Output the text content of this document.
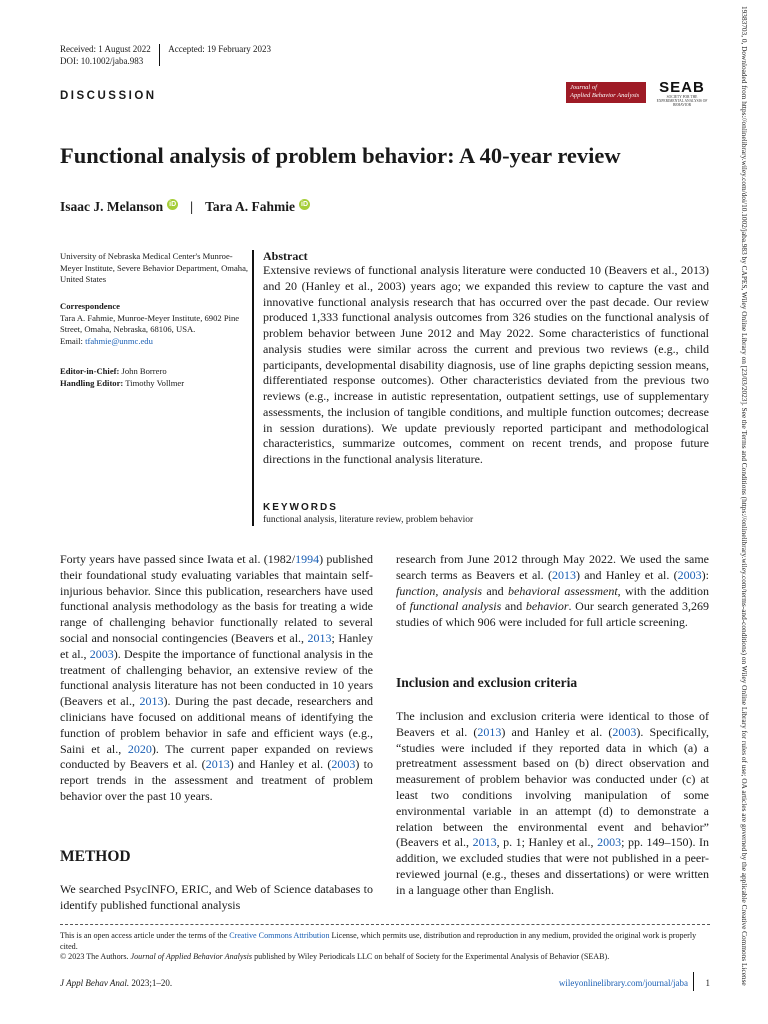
Received: 1 August 2022 Accepted: 19 February 2023
DOI: 10.1002/jaba.983
DISCUSSION
Journal of
Applied Behavior Analysis SEAB
SOCIETY FOR THE EXPERIMENTAL ANALYSIS OF BEHAVIOR
Functional analysis of problem behavior: A 40-year review
Isaac J. Melanson iD | Tara A. Fahmie iD
University of Nebraska Medical Center's Munroe-Meyer Institute, Severe Behavior Department, Omaha, United States
Correspondence
Tara A. Fahmie, Munroe-Meyer Institute, 6902 Pine Street, Omaha, Nebraska, 68106, USA.
Email: tfahmie@unmc.edu
Editor-in-Chief: John Borrero
Handling Editor: Timothy Vollmer
Abstract
Extensive reviews of functional analysis literature were conducted 10 (Beavers et al., 2013) and 20 (Hanley et al., 2003) years ago; we expanded this review to capture the vast and innovative functional analysis research that has occurred over the past decade. Our review produced 1,333 functional analysis outcomes from 326 studies on the functional analysis of problem behavior between June 2012 and May 2022. Some characteristics of functional analysis studies were similar across the current and previous two reviews (e.g., child participants, developmental disability diagnosis, use of line graphs depicting session means, differentiated response outcomes). Other characteristics deviated from the previous two reviews (e.g., increase in autistic representation, outpatient settings, use of supplementary assessments, the inclusion of tangible conditions, and multiple function outcomes; decrease in session durations). We update previously reported participant and methodological characteristics, summarize outcomes, comment on recent trends, and propose future directions in the functional analysis literature.
KEYWORDS
functional analysis, literature review, problem behavior

Forty years have passed since Iwata et al. (1982/1994) published their foundational study evaluating variables that maintain self-injurious behavior. Since this publication, researchers have used functional analysis methodology as the basis for treating a wide range of challenging behavior functionally related to several social and nonsocial contingencies (Beavers et al., 2013; Hanley et al., 2003). Despite the importance of functional analysis in the treatment of challenging behavior, an extensive review of the functional analysis literature has not been conducted in 10 years (Beavers et al., 2013). During the past decade, researchers and clinicians have focused on additional means of identifying the function of problem behavior in safe and efficient ways (e.g., Saini et al., 2020). The current paper expanded on reviews conducted by Beavers et al. (2013) and Hanley et al. (2003) to report trends in the assessment and treatment of problem behavior over the past 10 years.

METHOD
We searched PsycINFO, ERIC, and Web of Science databases to identify published functional analysis

research from June 2012 through May 2022. We used the same search terms as Beavers et al. (2013) and Hanley et al. (2003): function, analysis and behavioral assessment, with the addition of functional analysis and behavior. Our search generated 3,269 studies of which 906 were included for full article screening.

Inclusion and exclusion criteria

The inclusion and exclusion criteria were identical to those of Beavers et al. (2013) and Hanley et al. (2003). Specifically, “studies were included if they reported data in which (a) a pretreatment assessment based on (b) direct observation and measurement of problem behavior was conducted under (c) at least two conditions involving manipulation of some environmental variable in an attempt (d) to demonstrate a relation between the environmental event and behavior” (Beavers et al., 2013, p. 1; Hanley et al., 2003; pp. 149–150). In addition, we excluded studies that were not published in a peer-reviewed journal (e.g., theses and dissertations) or were written in a language other than English.

This is an open access article under the terms of the Creative Commons Attribution License, which permits use, distribution and reproduction in any medium, provided the original work is properly cited.

© 2023 The Authors. Journal of Applied Behavior Analysis published by Wiley Periodicals LLC on behalf of Society for the Experimental Analysis of Behavior (SEAB).

J Appl Behav Anal. 2023;1–20.	wileyonlinelibrary.com/journal/jaba 1	19383703, 0, Downloaded from https://onlinelibrary.wiley.com/doi/10.1002/jaba.983 by CAPES, Wiley Online Library on [23/03/2023]. See the Terms and Conditions (https://onlinelibrary.wiley.com/terms-and-conditions) on Wiley Online Library for rules of use; OA articles are governed by the applicable Creative Commons License
